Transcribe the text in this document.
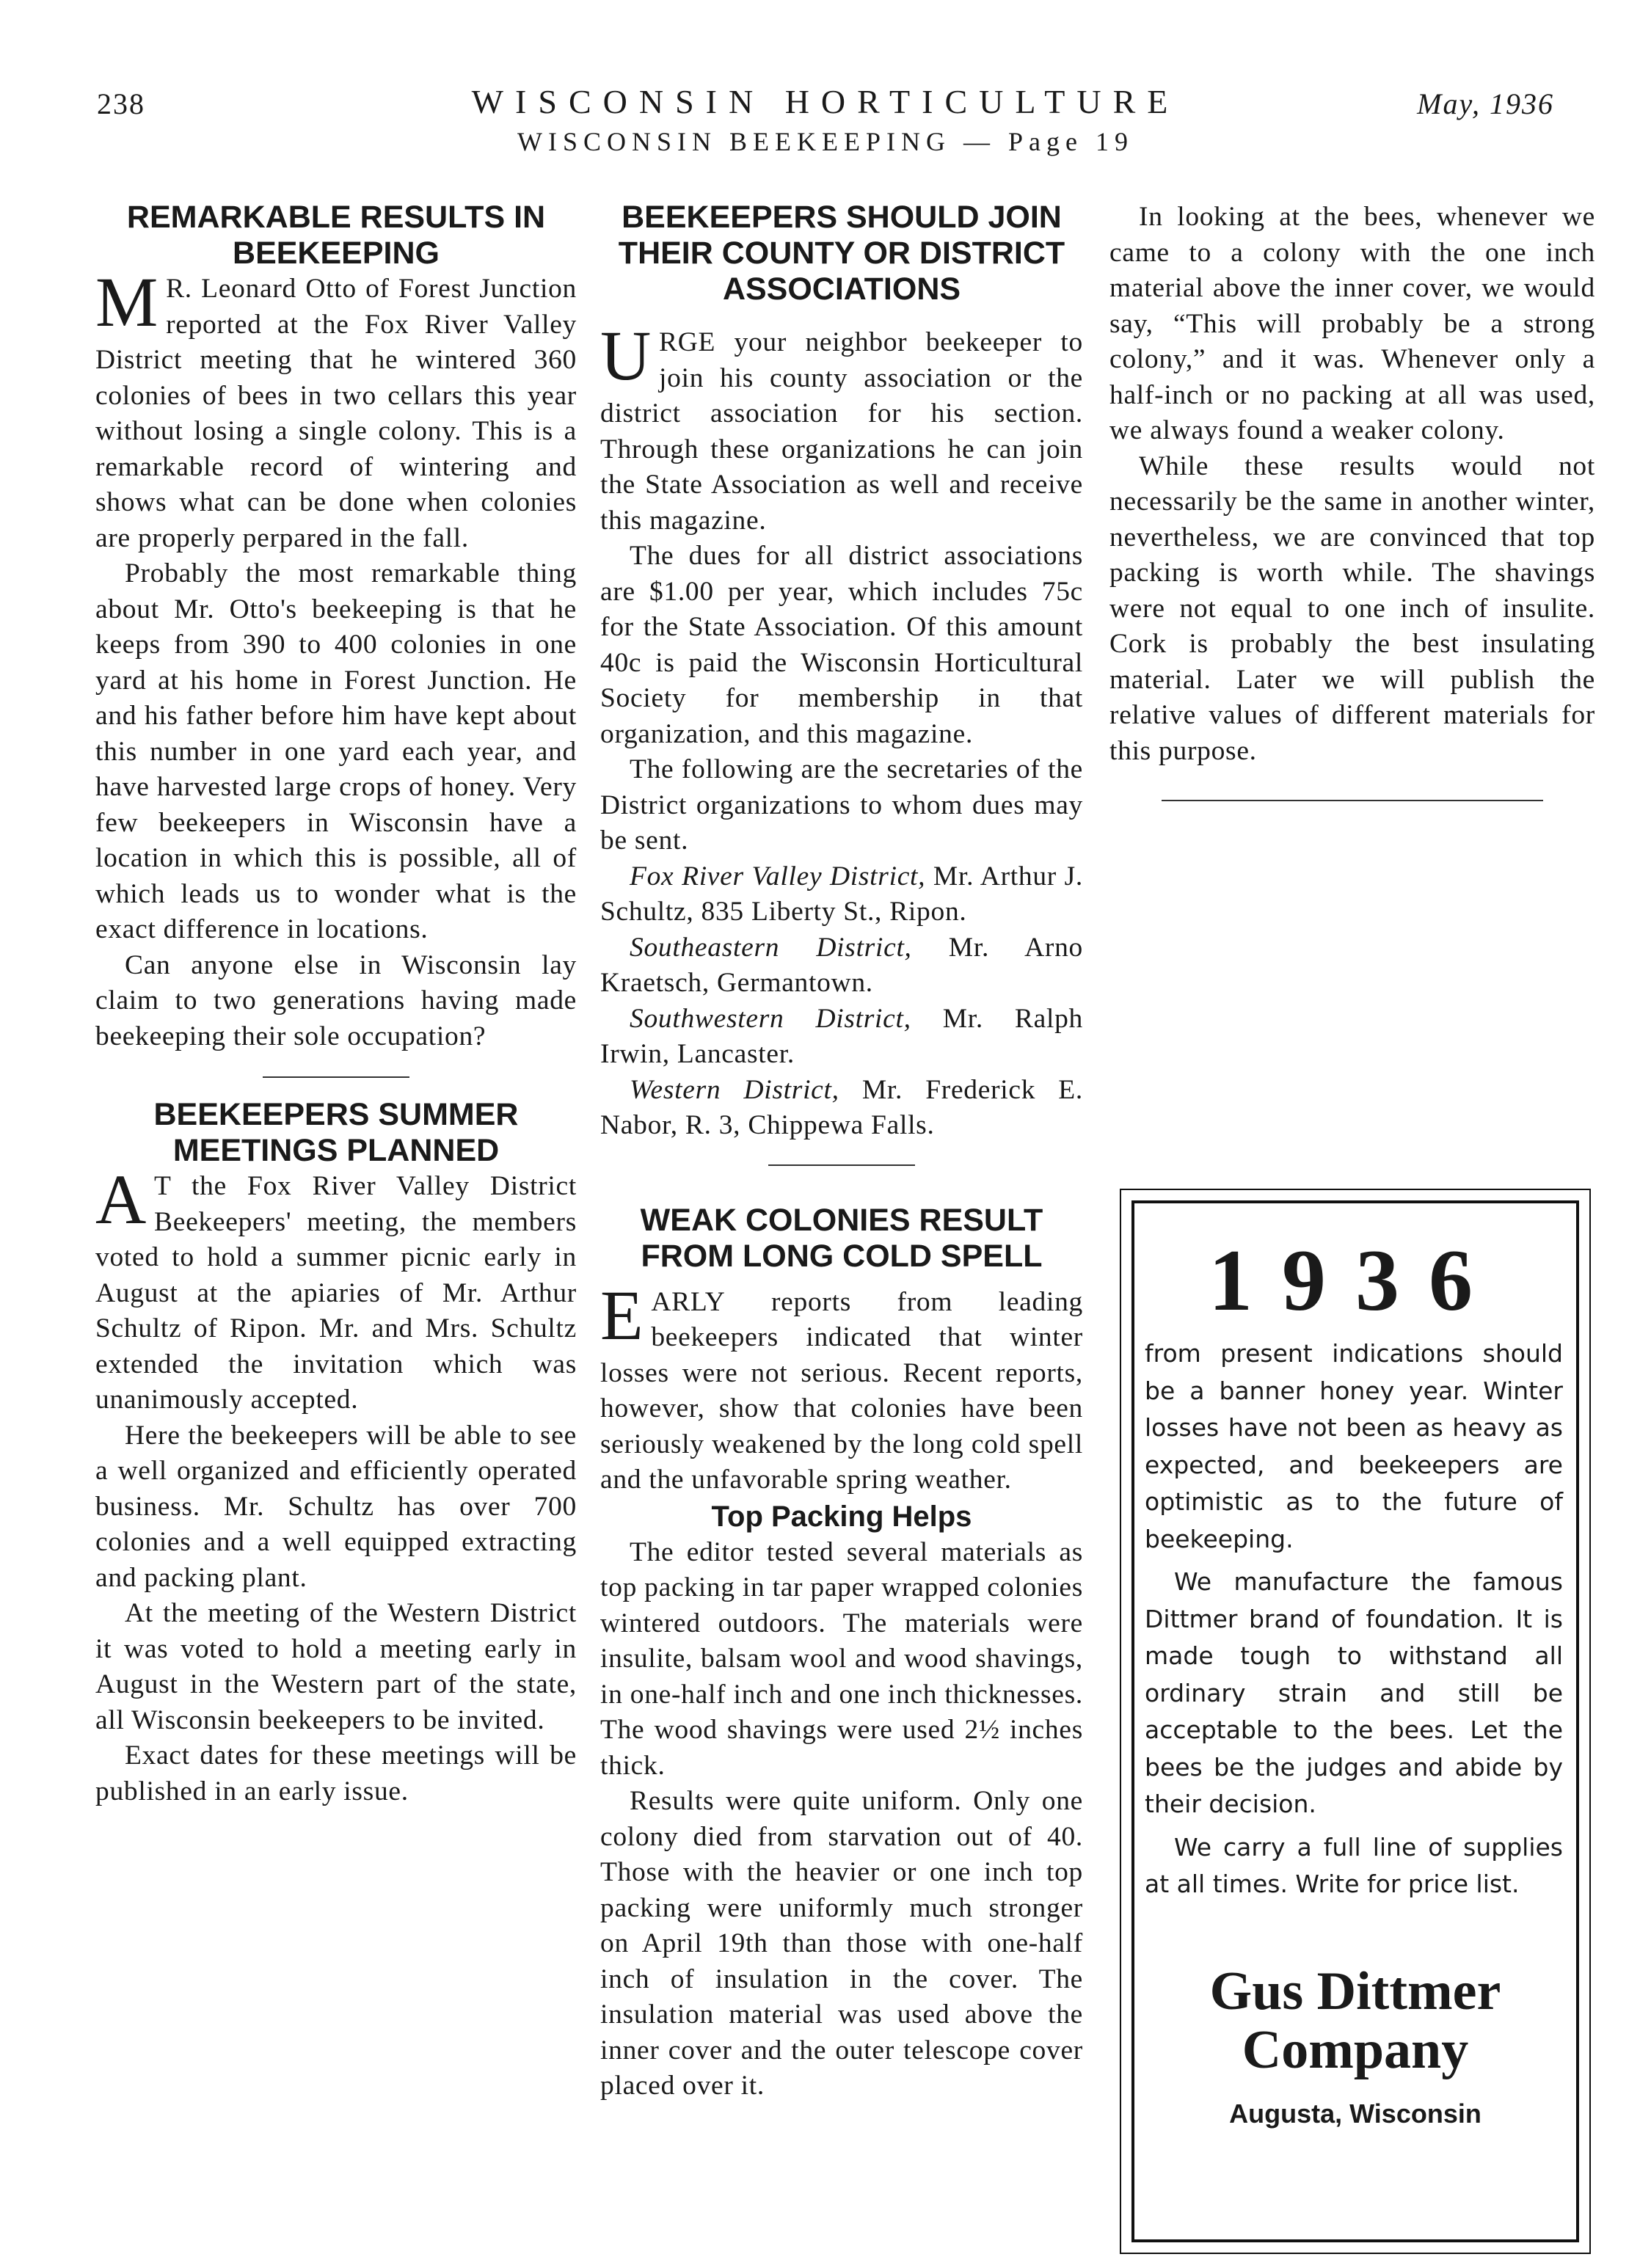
238	WISCONSIN HORTICULTURE	May, 1936
WISCONSIN BEEKEEPING — Page 19
REMARKABLE RESULTS IN BEEKEEPING

M R. Leonard Otto of Forest Junction reported at the Fox River Valley District meeting that he wintered 360 colonies of bees in two cellars this year without losing a single colony. This is a remarkable record of wintering and shows what can be done when colonies are properly perpared in the fall.

Probably the most remarkable thing about Mr. Otto's beekeeping is that he keeps from 390 to 400 colonies in one yard at his home in Forest Junction. He and his father before him have kept about this number in one yard each year, and have harvested large crops of honey. Very few beekeepers in Wisconsin have a location in which this is possible, all of which leads us to wonder what is the exact difference in locations.

Can anyone else in Wisconsin lay claim to two generations having made beekeeping their sole occupation?

BEEKEEPERS SUMMER MEETINGS PLANNED

A T the Fox River Valley District Beekeepers' meeting, the members voted to hold a summer picnic early in August at the apiaries of Mr. Arthur Schultz of Ripon. Mr. and Mrs. Schultz extended the invitation which was unanimously accepted.

Here the beekeepers will be able to see a well organized and efficiently operated business. Mr. Schultz has over 700 colonies and a well equipped extracting and packing plant.

At the meeting of the Western District it was voted to hold a meeting early in August in the Western part of the state, all Wisconsin beekeepers to be invited.

Exact dates for these meetings will be published in an early issue.

BEEKEEPERS SHOULD JOIN THEIR COUNTY OR DISTRICT ASSOCIATIONS

URGE your neighbor beekeeper to join his county association or the district association for his section. Through these organizations he can join the State Association as well and receive this magazine.

The dues for all district associations are $1.00 per year, which includes 75c for the State Association. Of this amount 40c is paid the Wisconsin Horticultural Society for membership in that organization, and this magazine.

The following are the secretaries of the District organizations to whom dues may be sent.

Fox River Valley District, Mr. Arthur J. Schultz, 835 Liberty St., Ripon.

Southeastern District, Mr. Arno Kraetsch, Germantown.

Southwestern District, Mr. Ralph Irwin, Lancaster.

Western District, Mr. Frederick E. Nabor, R. 3, Chippewa Falls.

WEAK COLONIES RESULT FROM LONG COLD SPELL

EARLY reports from leading beekeepers indicated that winter losses were not serious. Recent reports, however, show that colonies have been seriously weakened by the long cold spell and the unfavorable spring weather.

Top Packing Helps

The editor tested several materials as top packing in tar paper wrapped colonies wintered outdoors. The materials were insulite, balsam wool and wood shavings, in one-half inch and one inch thicknesses. The wood shavings were used 2½ inches thick.

Results were quite uniform. Only one colony died from starvation out of 40. Those with the heavier or one inch top packing were uniformly much stronger on April 19th than those with one-half inch of insulation in the cover. The insulation material was used above the inner cover and the outer telescope cover placed over it.

In looking at the bees, whenever we came to a colony with the one inch material above the inner cover, we would say, “This will probably be a strong colony,” and it was. Whenever only a half-inch or no packing at all was used, we always found a weaker colony.

While these results would not necessarily be the same in another winter, nevertheless, we are convinced that top packing is worth while. The shavings were not equal to one inch of insulite. Cork is probably the best insulating material. Later we will publish the relative values of different materials for this purpose.

1936

from present indications should be a banner honey year. Winter losses have not been as heavy as expected, and beekeepers are optimistic as to the future of beekeeping.

We manufacture the famous Dittmer brand of foundation. It is made tough to withstand all ordinary strain and still be acceptable to the bees. Let the bees be the judges and abide by their decision.

We carry a full line of supplies at all times. Write for price list.

Gus Dittmer Company
Augusta, Wisconsin
